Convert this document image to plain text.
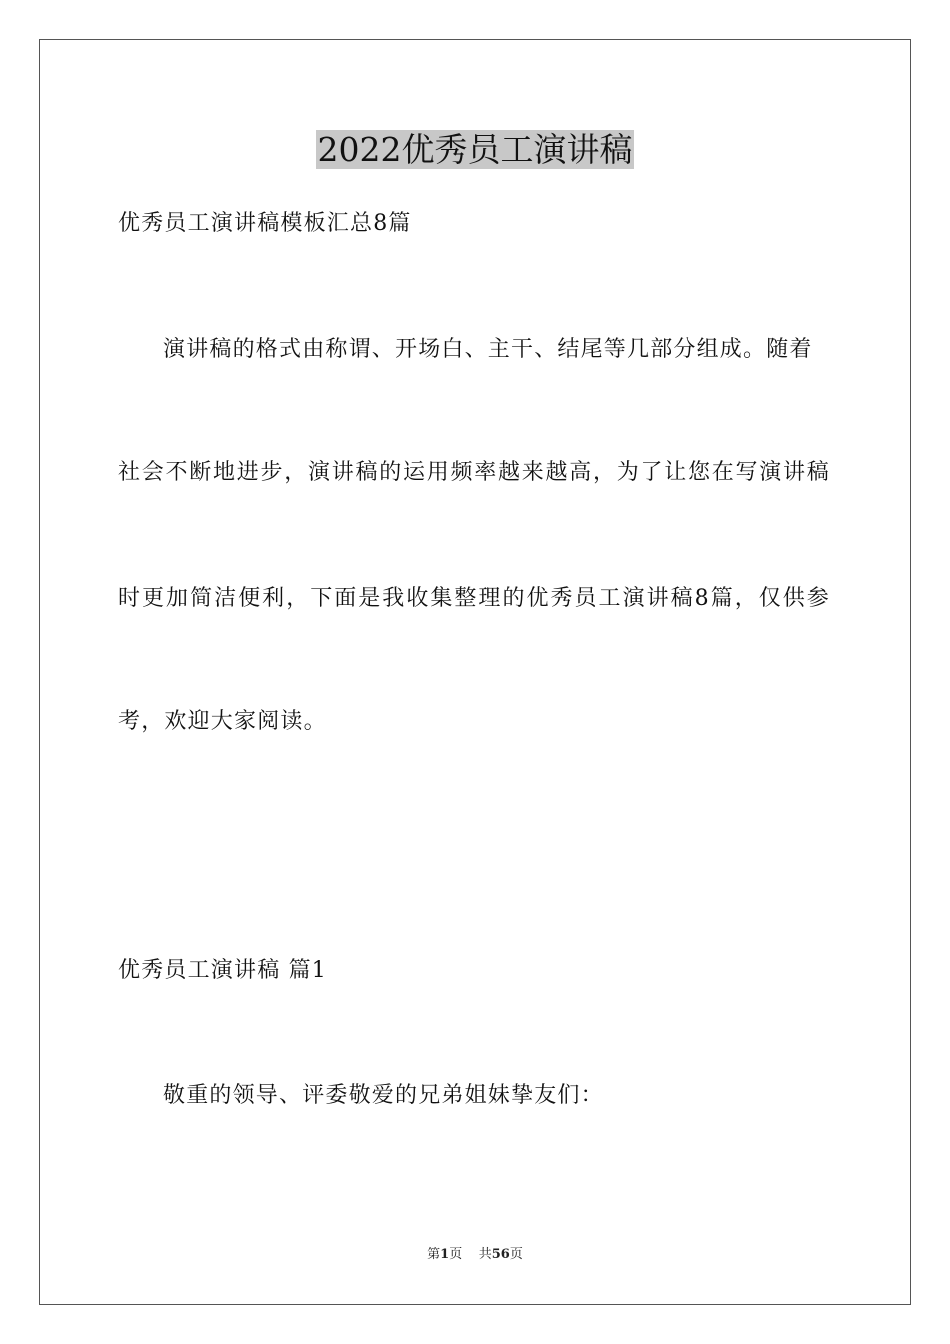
2022优秀员工演讲稿
优秀员工演讲稿模板汇总8篇
演讲稿的格式由称谓、开场白、主干、结尾等几部分组成。随着
社会不断地进步，演讲稿的运用频率越来越高，为了让您在写演讲稿
时更加简洁便利，下面是我收集整理的优秀员工演讲稿8篇，仅供参
考，欢迎大家阅读。
优秀员工演讲稿 篇1
敬重的领导、评委敬爱的兄弟姐妹挚友们：
第1页 共56页
